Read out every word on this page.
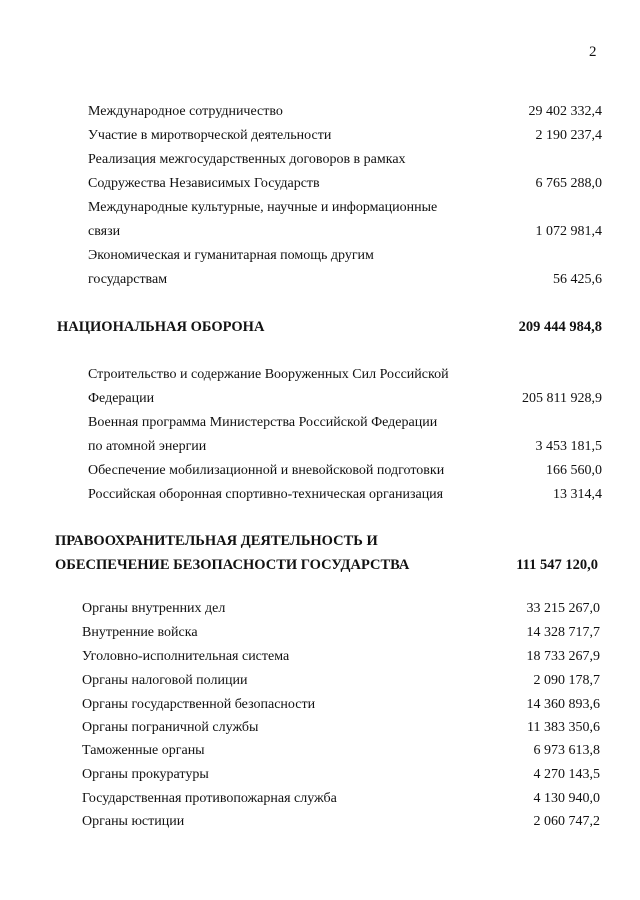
2
Международное сотрудничество	29 402 332,4
Участие в миротворческой деятельности	2 190 237,4
Реализация межгосударственных договоров в рамках
Содружества Независимых Государств	6 765 288,0
Международные культурные, научные и информационные
связи	1 072 981,4
Экономическая и гуманитарная помощь другим
государствам	56 425,6
НАЦИОНАЛЬНАЯ ОБОРОНА	209 444 984,8
Строительство и содержание Вооруженных Сил Российской
Федерации	205 811 928,9
Военная программа Министерства Российской Федерации
по атомной энергии	3 453 181,5
Обеспечение мобилизационной и вневойсковой подготовки	166 560,0
Российская оборонная спортивно-техническая организация	13 314,4
ПРАВООХРАНИТЕЛЬНАЯ ДЕЯТЕЛЬНОСТЬ И
ОБЕСПЕЧЕНИЕ БЕЗОПАСНОСТИ ГОСУДАРСТВА	111 547 120,0
Органы внутренних дел	33 215 267,0
Внутренние войска	14 328 717,7
Уголовно-исполнительная система	18 733 267,9
Органы налоговой полиции	2 090 178,7
Органы государственной безопасности	14 360 893,6
Органы пограничной службы	11 383 350,6
Таможенные органы	6 973 613,8
Органы прокуратуры	4 270 143,5
Государственная противопожарная служба	4 130 940,0
Органы юстиции	2 060 747,2
